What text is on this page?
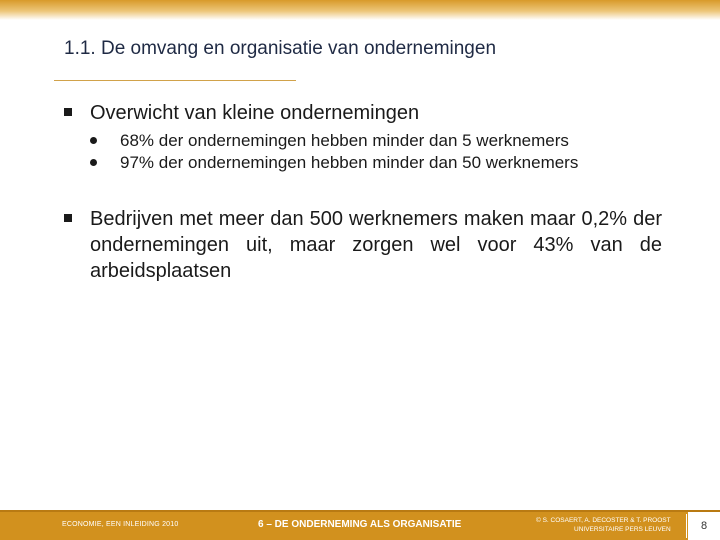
1.1. De omvang en organisatie van ondernemingen
Overwicht van kleine ondernemingen
68% der ondernemingen hebben minder dan 5 werknemers
97% der ondernemingen hebben minder dan 50 werknemers
Bedrijven met meer dan 500 werknemers maken maar 0,2% der ondernemingen uit, maar zorgen wel voor 43% van de arbeidsplaatsen
ECONOMIE, EEN INLEIDING 2010	6 – DE ONDERNEMING ALS ORGANISATIE	© S. COSAERT, A. DECOSTER & T. PROOST
UNIVERSITAIRE PERS LEUVEN	8
